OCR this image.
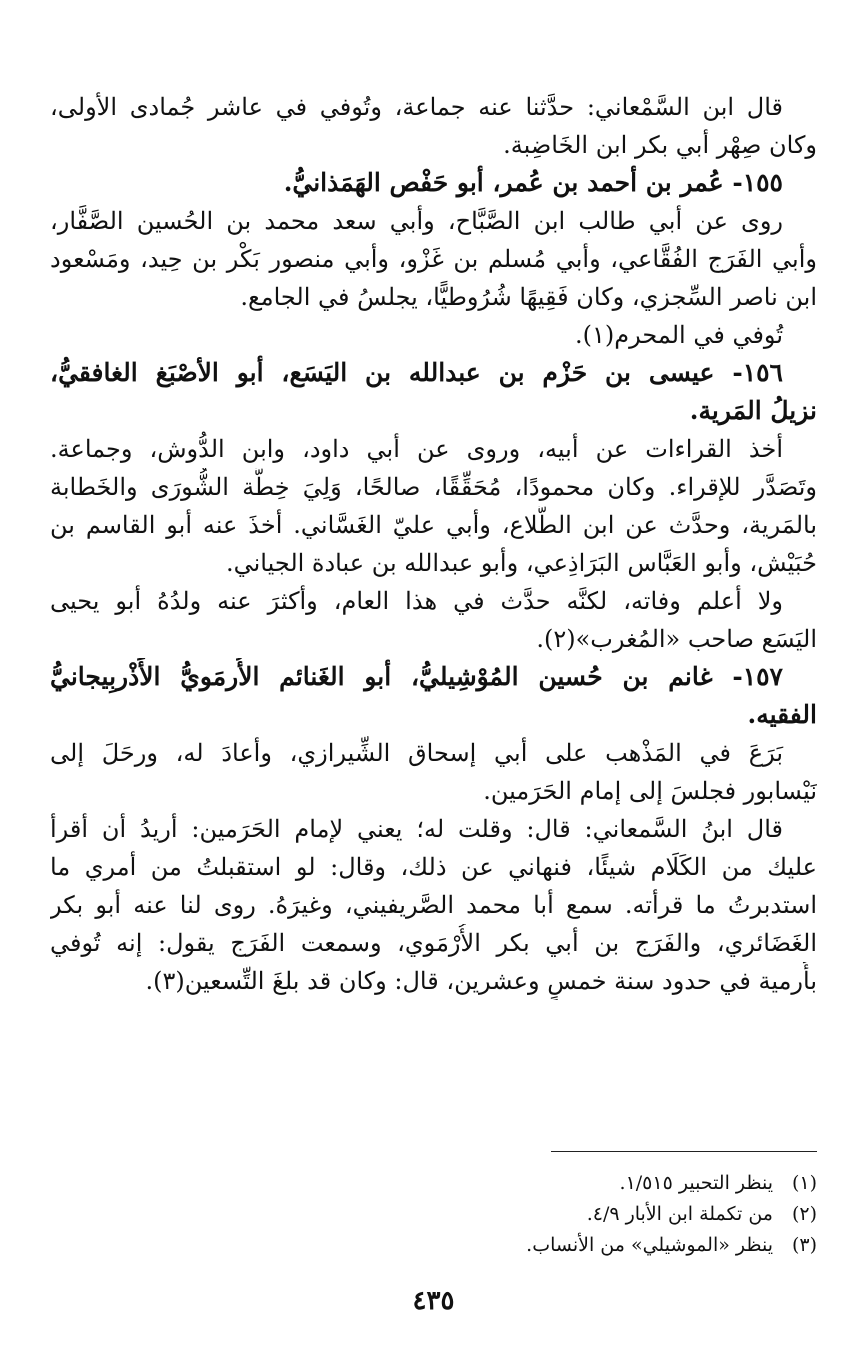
قال ابن السَّمْعاني: حدَّثنا عنه جماعة، وتُوفي في عاشر جُمادى الأولى،
وكان صِهْر أبي بكر ابن الخَاضِبة.
١٥٥- عُمر بن أحمد بن عُمر، أبو حَفْص الهَمَذانيُّ.
روى عن أبي طالب ابن الصَّبَّاح، وأبي سعد محمد بن الحُسين الصَّفَّار،
وأبي الفَرَج الفُقَّاعي، وأبي مُسلم بن غَزْو، وأبي منصور بَكْر بن حِيد، ومَسْعود
ابن ناصر السِّجزي، وكان فَقِيهًا شُرُوطيًّا، يجلسُ في الجامع.
تُوفي في المحرم(١).
١٥٦- عيسى بن حَزْم بن عبدالله بن اليَسَع، أبو الأصْبَغ الغافقيُّ،
نزيلُ المَرية.
أخذ القراءات عن أبيه، وروى عن أبي داود، وابن الدُّوش، وجماعة.
وتَصَدَّر للإقراء. وكان محمودًا، مُحَقِّقًا، صالحًا، وَلِيَ خِطَّة الشُّورَى والخَطابة
بالمَرية، وحدَّث عن ابن الطَّلاع، وأبي عليّ الغَسَّاني. أخذَ عنه أبو القاسم بن
حُبَيْش، وأبو العَبَّاس البَرَاذِعي، وأبو عبدالله بن عبادة الجياني.
ولا أعلم وفاته، لكنَّه حدَّث في هذا العام، وأكثرَ عنه ولدُهُ أبو يحيى
اليَسَع صاحب «المُغرب»(٢).
١٥٧- غانم بن حُسين المُوْشِيليُّ، أبو الغَنائم الأُرمَويُّ الأَذْربِيجانيُّ
الفقيه.
بَرَعَ في المَذْهب على أبي إسحاق الشِّيرازي، وأعادَ له، ورحَلَ إلى
نَيْسابور فجلسَ إلى إمام الحَرَمين.
قال ابنُ السَّمعاني: قال: وقلت له؛ يعني لإمام الحَرَمين: أريدُ أن أقرأ
عليك من الكَلَام شيئًا، فنهاني عن ذلك، وقال: لو استقبلتُ من أمري ما
استدبرتُ ما قرأته. سمع أبا محمد الصَّريفيني، وغيرَهُ. روى لنا عنه أبو بكر
الغَضَائري، والفَرَج بن أبي بكر الأُرْمَوي، وسمعت الفَرَج يقول: إنه تُوفي
بأُرمية في حدود سنة خمسٍ وعشرين، قال: وكان قد بلغَ التِّسعين(٣).
(١)ينظر التحبير ١/٥١٥.
(٢)من تكملة ابن الأبار ٤/٩.
(٣)ينظر «الموشيلي» من الأنساب.
٤٣٥
